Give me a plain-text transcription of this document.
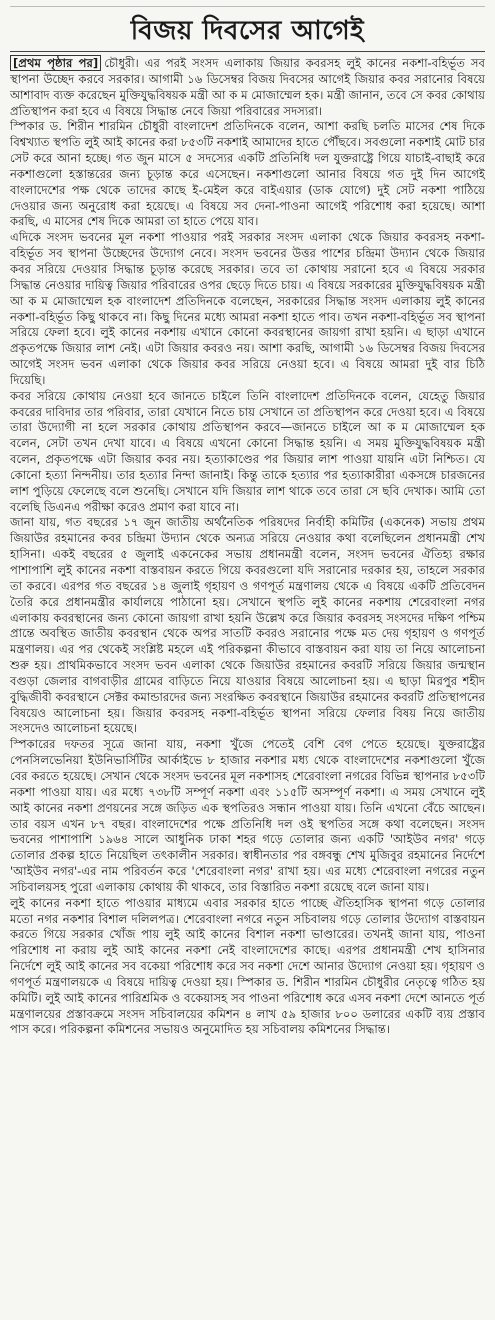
বিজয় দিবসের আগেই

[প্রথম পৃষ্ঠার পর] চৌধুরী। এর পরই সংসদ এলাকায় জিয়ার কবরসহ লুই কানের নকশা-বহির্ভূত সব স্থাপনা উচ্ছেদ করবে সরকার। আগামী ১৬ ডিসেম্বর বিজয় দিবসের আগেই জিয়ার কবর সরানোর বিষয়ে আশাবাদ ব্যক্ত করেছেন মুক্তিযুদ্ধবিষয়ক মন্ত্রী আ ক ম মোজাম্মেল হক। মন্ত্রী জানান, তবে সে কবর কোথায় প্রতিস্থাপন করা হবে এ বিষয়ে সিদ্ধান্ত নেবে জিয়া পরিবারের সদস্যরা।

স্পিকার ড. শিরীন শারমিন চৌধুরী বাংলাদেশ প্রতিদিনকে বলেন, আশা করছি চলতি মাসের শেষ দিকে বিশ্বখ্যাত স্থপতি লুই আই কানের করা ৮৫৩টি নকশাই আমাদের হাতে পৌঁছবে। সবগুলো নকশাই মোট চার সেট করে আনা হচ্ছে। গত জুন মাসে ৫ সদস্যের একটি প্রতিনিধি দল যুক্তরাষ্ট্রে গিয়ে যাচাই-বাছাই করে নকশাগুলো হস্তান্তরের জন্য চূড়ান্ত করে এসেছেন। নকশাগুলো আনার বিষয়ে গত দুই দিন আগেই বাংলাদেশের পক্ষ থেকে তাদের কাছে ই-মেইল করে বাইএয়ার (ডাক যোগে) দুই সেট নকশা পাঠিয়ে দেওয়ার জন্য অনুরোধ করা হয়েছে। এ বিষয়ে সব দেনা-পাওনা আগেই পরিশোধ করা হয়েছে। আশা করছি, এ মাসের শেষ দিকে আমরা তা হাতে পেয়ে যাব।

এদিকে সংসদ ভবনের মূল নকশা পাওয়ার পরই সরকার সংসদ এলাকা থেকে জিয়ার কবরসহ নকশা-বহির্ভূত সব স্থাপনা উচ্ছেদের উদ্যোগ নেবে। সংসদ ভবনের উত্তর পাশের চন্দ্রিমা উদ্যান থেকে জিয়ার কবর সরিয়ে দেওয়ার সিদ্ধান্ত চূড়ান্ত করেছে সরকার। তবে তা কোথায় সরানো হবে এ বিষয়ে সরকার সিদ্ধান্ত নেওয়ার দায়িত্ব জিয়ার পরিবারের ওপর ছেড়ে দিতে চায়। এ বিষয়ে সরকারের মুক্তিযুদ্ধবিষয়ক মন্ত্রী আ ক ম মোজাম্মেল হক বাংলাদেশ প্রতিদিনকে বলেছেন, সরকারের সিদ্ধান্ত সংসদ এলাকায় লুই কানের নকশা-বহির্ভূত কিছু থাকবে না। কিছু দিনের মধ্যে আমরা নকশা হাতে পাব। তখন নকশা-বহির্ভূত সব স্থাপনা সরিয়ে ফেলা হবে। লুই কানের নকশায় এখানে কোনো কবরস্থানের জায়গা রাখা হয়নি। এ ছাড়া এখানে প্রকৃতপক্ষে জিয়ার লাশ নেই। এটা জিয়ার কবরও নয়। আশা করছি, আগামী ১৬ ডিসেম্বর বিজয় দিবসের আগেই সংসদ ভবন এলাকা থেকে জিয়ার কবর সরিয়ে নেওয়া হবে। এ বিষয়ে আমরা দুই বার চিঠি দিয়েছি।

কবর সরিয়ে কোথায় নেওয়া হবে জানতে চাইলে তিনি বাংলাদেশ প্রতিদিনকে বলেন, যেহেতু জিয়ার কবরের দাবিদার তার পরিবার, তারা যেখানে নিতে চায় সেখানে তা প্রতিস্থাপন করে দেওয়া হবে। এ বিষয়ে তারা উদ্যোগী না হলে সরকার কোথায় প্রতিস্থাপন করবে—জানতে চাইলে আ ক ম মোজাম্মেল হক বলেন, সেটা তখন দেখা যাবে। এ বিষয়ে এখনো কোনো সিদ্ধান্ত হয়নি। এ সময় মুক্তিযুদ্ধবিষয়ক মন্ত্রী বলেন, প্রকৃতপক্ষে এটা জিয়ার কবর নয়। হত্যাকাণ্ডের পর জিয়ার লাশ পাওয়া যায়নি এটা নিশ্চিত। যে কোনো হত্যা নিন্দনীয়। তার হত্যার নিন্দা জানাই। কিন্তু তাকে হত্যার পর হত্যাকারীরা একসঙ্গে চারজনের লাশ পুড়িয়ে ফেলেছে বলে শুনেছি। সেখানে যদি জিয়ার লাশ থাকে তবে তারা সে ছবি দেখাক। আমি তো বলেছি ডিএনএ পরীক্ষা করেও প্রমাণ করা যাবে না।

জানা যায়, গত বছরের ১৭ জুন জাতীয় অর্থনৈতিক পরিষদের নির্বাহী কমিটির (একনেক) সভায় প্রথম জিয়াউর রহমানের কবর চন্দ্রিমা উদ্যান থেকে অন্যত্র সরিয়ে নেওয়ার কথা বলেছিলেন প্রধানমন্ত্রী শেখ হাসিনা। একই বছরের ৫ জুলাই একনেকের সভায় প্রধানমন্ত্রী বলেন, সংসদ ভবনের ঐতিহ্য রক্ষার পাশাপাশি লুই কানের নকশা বাস্তবায়ন করতে গিয়ে কবরগুলো যদি সরানোর দরকার হয়, তাহলে সরকার তা করবে। এরপর গত বছরের ১৪ জুলাই গৃহায়ণ ও গণপূর্ত মন্ত্রণালয় থেকে এ বিষয়ে একটি প্রতিবেদন তৈরি করে প্রধানমন্ত্রীর কার্যালয়ে পাঠানো হয়। সেখানে স্থপতি লুই কানের নকশায় শেরেবাংলা নগর এলাকায় কবরস্থানের জন্য কোনো জায়গা রাখা হয়নি উল্লেখ করে জিয়ার কবরসহ সংসদের দক্ষিণ পশ্চিম প্রান্তে অবস্থিত জাতীয় কবরস্থান থেকে অপর সাতটি কবরও সরানোর পক্ষে মত দেয় গৃহায়ণ ও গণপূর্ত মন্ত্রণালয়। এর পর থেকেই সংশ্লিষ্ট মহলে এই পরিকল্পনা কীভাবে বাস্তবায়ন করা যায় তা নিয়ে আলোচনা শুরু হয়। প্রাথমিকভাবে সংসদ ভবন এলাকা থেকে জিয়াউর রহমানের কবরটি সরিয়ে জিয়ার জন্মস্থান বগুড়া জেলার বাগবাড়ীর গ্রামের বাড়িতে নিয়ে যাওয়ার বিষয়ে আলোচনা হয়। এ ছাড়া মিরপুর শহীদ বুদ্ধিজীবী কবরস্থানে সেক্টর কমান্ডারদের জন্য সংরক্ষিত কবরস্থানে জিয়াউর রহমানের কবরটি প্রতিস্থাপনের বিষয়েও আলোচনা হয়। জিয়ার কবরসহ নকশা-বহির্ভূত স্থাপনা সরিয়ে ফেলার বিষয় নিয়ে জাতীয় সংসদেও আলোচনা হয়েছে।

স্পিকারের দফতর সূত্রে জানা যায়, নকশা খুঁজে পেতেই বেশি বেগ পেতে হয়েছে। যুক্তরাষ্ট্রের পেনসিলভেনিয়া ইউনিভার্সিটির আর্কাইভে ৮ হাজার নকশার মধ্য থেকে বাংলাদেশের নকশাগুলো খুঁজে বের করতে হয়েছে। সেখান থেকে সংসদ ভবনের মূল নকশাসহ শেরেবাংলা নগরের বিভিন্ন স্থাপনার ৮৫৩টি নকশা পাওয়া যায়। এর মধ্যে ৭৩৮টি সম্পূর্ণ নকশা এবং ১১৫টি অসম্পূর্ণ নকশা। এ সময় সেখানে লুই আই কানের নকশা প্রণয়নের সঙ্গে জড়িত এক স্থপতিরও সন্ধান পাওয়া যায়। তিনি এখনো বেঁচে আছেন। তার বয়স এখন ৮৭ বছর। বাংলাদেশের পক্ষে প্রতিনিধি দল ওই স্থপতির সঙ্গে কথা বলেছেন। সংসদ ভবনের পাশাপাশি ১৯৬৪ সালে আধুনিক ঢাকা শহর গড়ে তোলার জন্য একটি 'আইউব নগর' গড়ে তোলার প্রকল্প হাতে নিয়েছিল তৎকালীন সরকার। স্বাধীনতার পর বঙ্গবন্ধু শেখ মুজিবুর রহমানের নির্দেশে 'আইউব নগর'-এর নাম পরিবর্তন করে 'শেরেবাংলা নগর' রাখা হয়। এর মধ্যে শেরেবাংলা নগরের নতুন সচিবালয়সহ পুরো এলাকায় কোথায় কী থাকবে, তার বিস্তারিত নকশা রয়েছে বলে জানা যায়।

লুই কানের নকশা হাতে পাওয়ার মাধ্যমে এবার সরকার হাতে পাচ্ছে ঐতিহাসিক স্থাপনা গড়ে তোলার মতো নগর নকশার বিশাল দলিলপত্র। শেরেবাংলা নগরে নতুন সচিবালয় গড়ে তোলার উদ্যোগ বাস্তবায়ন করতে গিয়ে সরকার খোঁজ পায় লুই আই কানের বিশাল নকশা ভাণ্ডারের। তখনই জানা যায়, পাওনা পরিশোধ না করায় লুই আই কানের নকশা নেই বাংলাদেশের কাছে। এরপর প্রধানমন্ত্রী শেখ হাসিনার নির্দেশে লুই আই কানের সব বকেয়া পরিশোধ করে সব নকশা দেশে আনার উদ্যোগ নেওয়া হয়। গৃহায়ণ ও গণপূর্ত মন্ত্রণালয়কে এ বিষয়ে দায়িত্ব দেওয়া হয়। স্পিকার ড. শিরীন শারমিন চৌধুরীর নেতৃত্বে গঠিত হয় কমিটি। লুই আই কানের পারিশ্রমিক ও বকেয়াসহ সব পাওনা পরিশোধ করে এসব নকশা দেশে আনতে পূর্ত মন্ত্রণালয়ের প্রস্তাবক্রমে সংসদ সচিবালয়ের কমিশন ৪ লাখ ৫৯ হাজার ৮০০ ডলারের একটি ব্যয় প্রস্তাব পাস করে। পরিকল্পনা কমিশনের সভায়ও অনুমোদিত হয় সচিবালয় কমিশনের সিদ্ধান্ত।
